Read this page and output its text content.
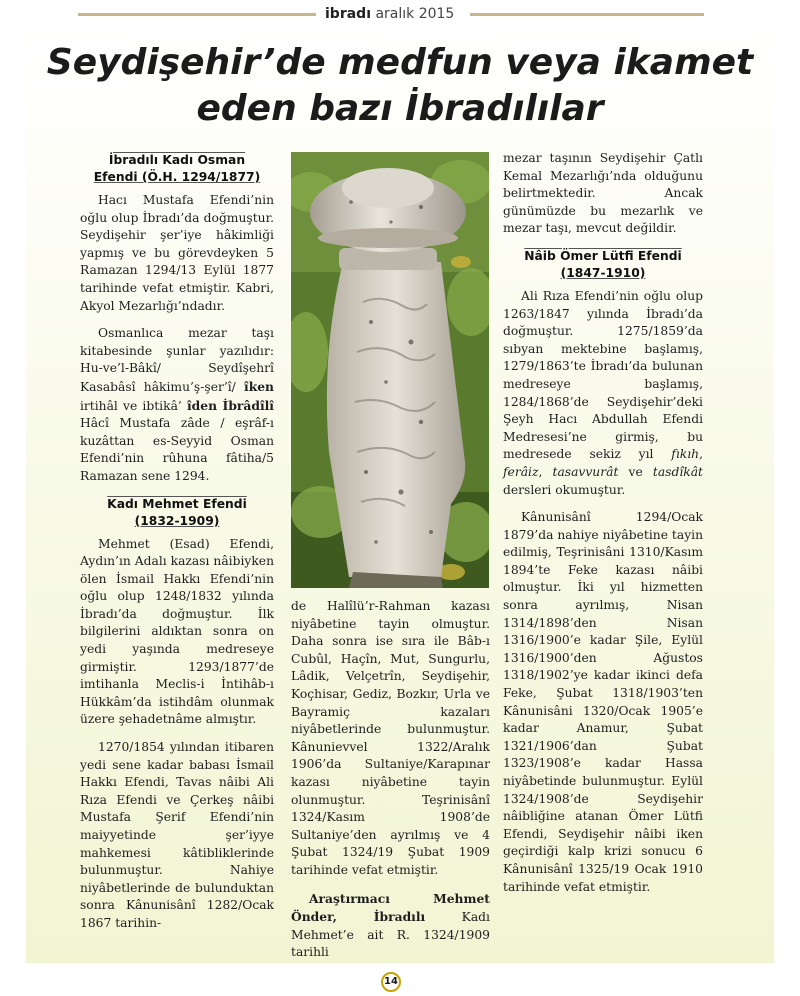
ibradı aralık 2015
Seydişehir’de medfun veya ikamet
eden bazı İbradılılar
İbradılı Kadı Osman
Efendi (Ö.H. 1294/1877)

Hacı Mustafa Efendi’nin oğlu olup İbradı’da doğmuştur. Seydişehir şer’iye hâkimliği yapmış ve bu görevdeyken 5 Ramazan 1294/13 Eylül 1877 tarihinde vefat etmiştir. Kabri, Akyol Mezarlığı’ndadır.

Osmanlıca mezar taşı kitabesinde şunlar yazılıdır: Hu-ve’l-Bâkî/ Seydîşehrî Kasabâsî hâkimu’ş-şer’î/ îken irtihâl ve ibtikâ’ îden İbrâdîlî Hâcî Mustafa zâde / eşrâf-ı kuzâttan es-Seyyid Osman Efendi’nin rûhuna fâtiha/5 Ramazan sene 1294.

Kadı Mehmet Efendi
(1832-1909)

Mehmet (Esad) Efendi, Aydın’ın Adalı kazası nâibiyken ölen İsmail Hakkı Efendi’nin oğlu olup 1248/1832 yılında İbradı’da doğmuştur. İlk bilgilerini aldıktan sonra on yedi yaşında medreseye girmiştir. 1293/1877’de imtihanla Meclis-i İntihâb-ı Hükkâm’da istihdâm olunmak üzere şehadetnâme almıştır.

1270/1854 yılından itibaren yedi sene kadar babası İsmail Hakkı Efendi, Tavas nâibi Ali Rıza Efendi ve Çerkeş nâibi Mustafa Şerif Efendi’nin maiyyetinde şer’iyye mahkemesi kâtibliklerinde bulunmuştur. Nahiye niyâbetlerinde de bulunduktan sonra Kânunisânî 1282/Ocak 1867 tarihin-

de Halîlü’r-Rahman kazası niyâbetine tayin olmuştur. Daha sonra ise sıra ile Bâb-ı Cubûl, Haçîn, Mut, Sungurlu, Lâdik, Velçetrîn, Seydişehir, Koçhisar, Gediz, Bozkır, Urla ve Bayramiç kazaları niyâbetlerinde bulunmuştur. Kânunievvel 1322/Aralık 1906’da Sultaniye/Karapınar kazası niyâbetine tayin olunmuştur. Teşrinisânî 1324/Kasım 1908’de Sultaniye’den ayrılmış ve 4 Şubat 1324/19 Şubat 1909 tarihinde vefat etmiştir.

Araştırmacı Mehmet Önder, İbradılı	Kadı Mehmet’e ait R. 1324/1909 tarihli

mezar taşının Seydişehir Çatlı Kemal Mezarlığı’nda olduğunu belirtmektedir. Ancak günümüzde bu mezarlık ve mezar taşı, mevcut değildir.

Nâib Ömer Lütfi Efendi
(1847-1910)

Ali Rıza Efendi’nin oğlu olup 1263/1847 yılında İbradı’da doğmuştur. 1275/1859’da sıbyan mektebine başlamış, 1279/1863’te İbradı’da bulunan medreseye başlamış, 1284/1868’de Seydişehir’deki Şeyh Hacı Abdullah Efendi Medresesi’ne girmiş, bu medresede sekiz yıl fıkıh, ferâiz, tasavvurât ve tasdîkât dersleri okumuştur.

Kânunisânî 1294/Ocak 1879’da nahiye niyâbetine tayin edilmiş, Teşrinisâni 1310/Kasım 1894’te Feke kazası nâibi olmuştur. İki yıl hizmetten sonra ayrılmış, Nisan 1314/1898’den Nisan 1316/1900’e kadar Şile, Eylül 1316/1900’den Ağustos 1318/1902’ye kadar ikinci defa Feke, Şubat 1318/1903’ten Kânunisâni 1320/Ocak 1905’e kadar Anamur, Şubat 1321/1906’dan Şubat 1323/1908’e kadar Hassa niyâbetinde bulunmuştur. Eylül 1324/1908’de Seydişehir nâibliğine atanan Ömer Lütfi Efendi, Seydişehir nâibi iken geçirdiği kalp krizi sonucu 6 Kânunisânî 1325/19 Ocak 1910 tarihinde vefat etmiştir.

14
